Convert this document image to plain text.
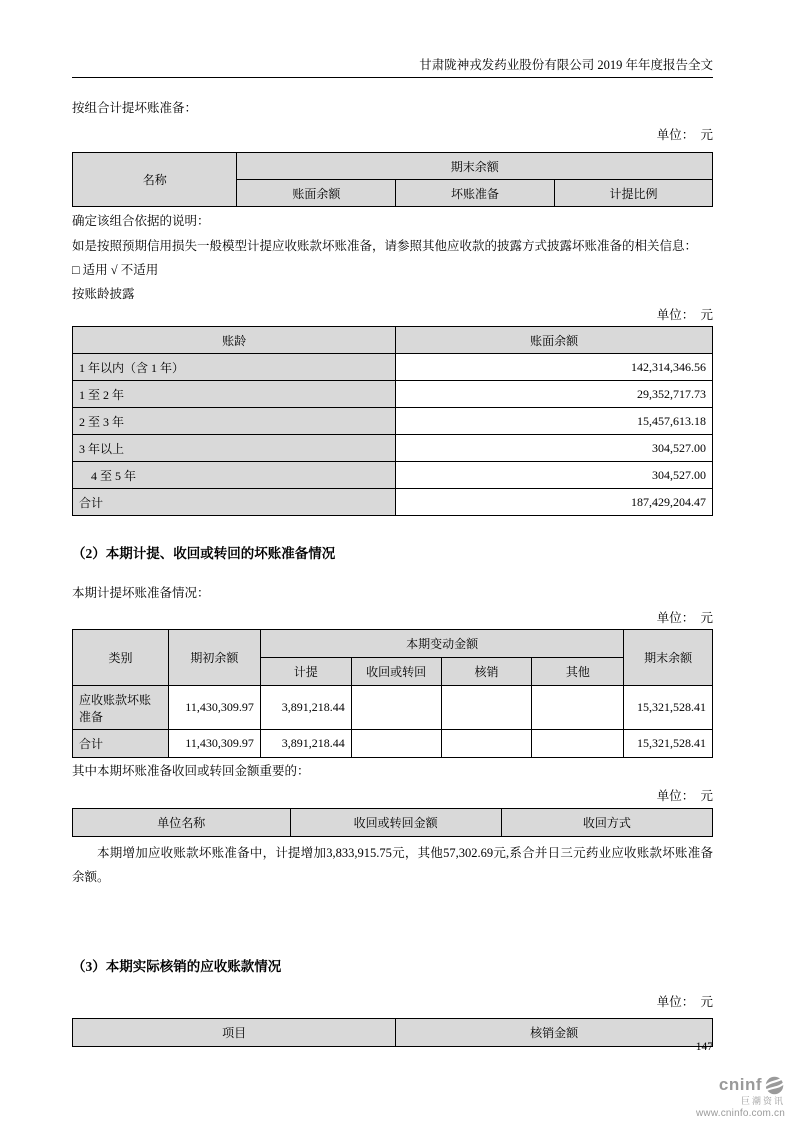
甘肃陇神戎发药业股份有限公司 2019 年年度报告全文

按组合计提坏账准备：

单位： 元

名称	期末余额		
	账面余额	坏账准备	计提比例

确定该组合依据的说明：

如是按照预期信用损失一般模型计提应收账款坏账准备，请参照其他应收款的披露方式披露坏账准备的相关信息：

□ 适用 √ 不适用

按账龄披露

单位： 元

账龄	账面余额
1 年以内（含 1 年）	142,314,346.56
1 至 2 年	29,352,717.73
2 至 3 年	15,457,613.18
3 年以上	304,527.00
4 至 5 年	304,527.00
合计	187,429,204.47
（2）本期计提、收回或转回的坏账准备情况

本期计提坏账准备情况：

单位： 元

类别	期初余额	本期变动金额				期末余额
		计提	收回或转回	核销	其他	
应收账款坏账准备	11,430,309.97	3,891,218.44				15,321,528.41
合计	11,430,309.97	3,891,218.44				15,321,528.41

其中本期坏账准备收回或转回金额重要的：

单位： 元

单位名称	收回或转回金额	收回方式

本期增加应收账款坏账准备中，计提增加3,833,915.75元，其他57,302.69元,系合并日三元药业应收账款坏账准备余额。

（3）本期实际核销的应收账款情况

单位： 元

项目	核销金额
147
cninf
巨潮资讯
www.cninfo.com.cn
